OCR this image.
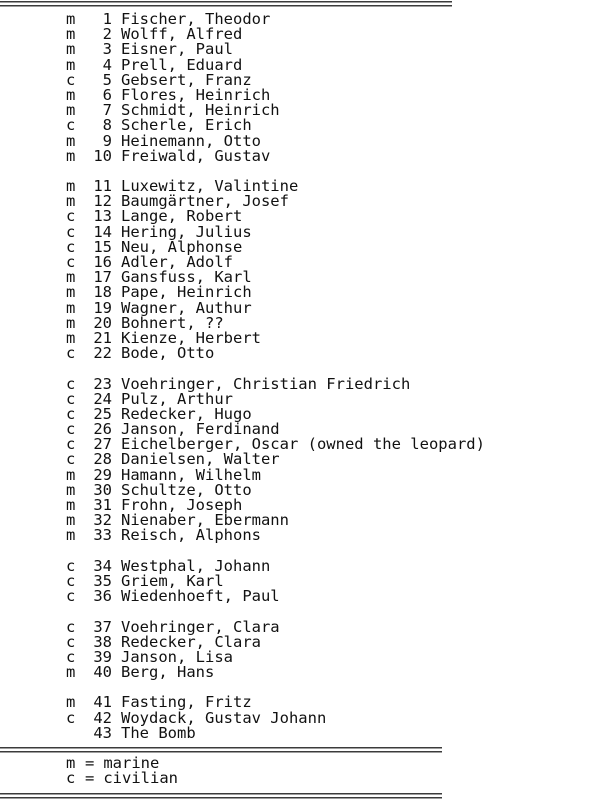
m 1 Fischer, Theodor
m 2 Wolff, Alfred
m 3 Eisner, Paul
m 4 Prell, Eduard
c 5 Gebsert, Franz
m 6 Flores, Heinrich
m 7 Schmidt, Heinrich
c 8 Scherle, Erich
m 9 Heinemann, Otto
m 10 Freiwald, Gustav
m 11 Luxewitz, Valintine
m 12 Baumgärtner, Josef
c 13 Lange, Robert
c 14 Hering, Julius
c 15 Neu, Alphonse
c 16 Adler, Adolf
m 17 Gansfuss, Karl
m 18 Pape, Heinrich
m 19 Wagner, Authur
m 20 Bohnert, ??
m 21 Kienze, Herbert
c 22 Bode, Otto
c 23 Voehringer, Christian Friedrich
c 24 Pulz, Arthur
c 25 Redecker, Hugo
c 26 Janson, Ferdinand
c 27 Eichelberger, Oscar (owned the leopard)
c 28 Danielsen, Walter
m 29 Hamann, Wilhelm
m 30 Schultze, Otto
m 31 Frohn, Joseph
m 32 Nienaber, Ebermann
m 33 Reisch, Alphons
c 34 Westphal, Johann
c 35 Griem, Karl
c 36 Wiedenhoeft, Paul
c 37 Voehringer, Clara
c 38 Redecker, Clara
c 39 Janson, Lisa
m 40 Berg, Hans
m 41 Fasting, Fritz
c 42 Woydack, Gustav Johann
43 The Bomb
m = marine
c = civilian
